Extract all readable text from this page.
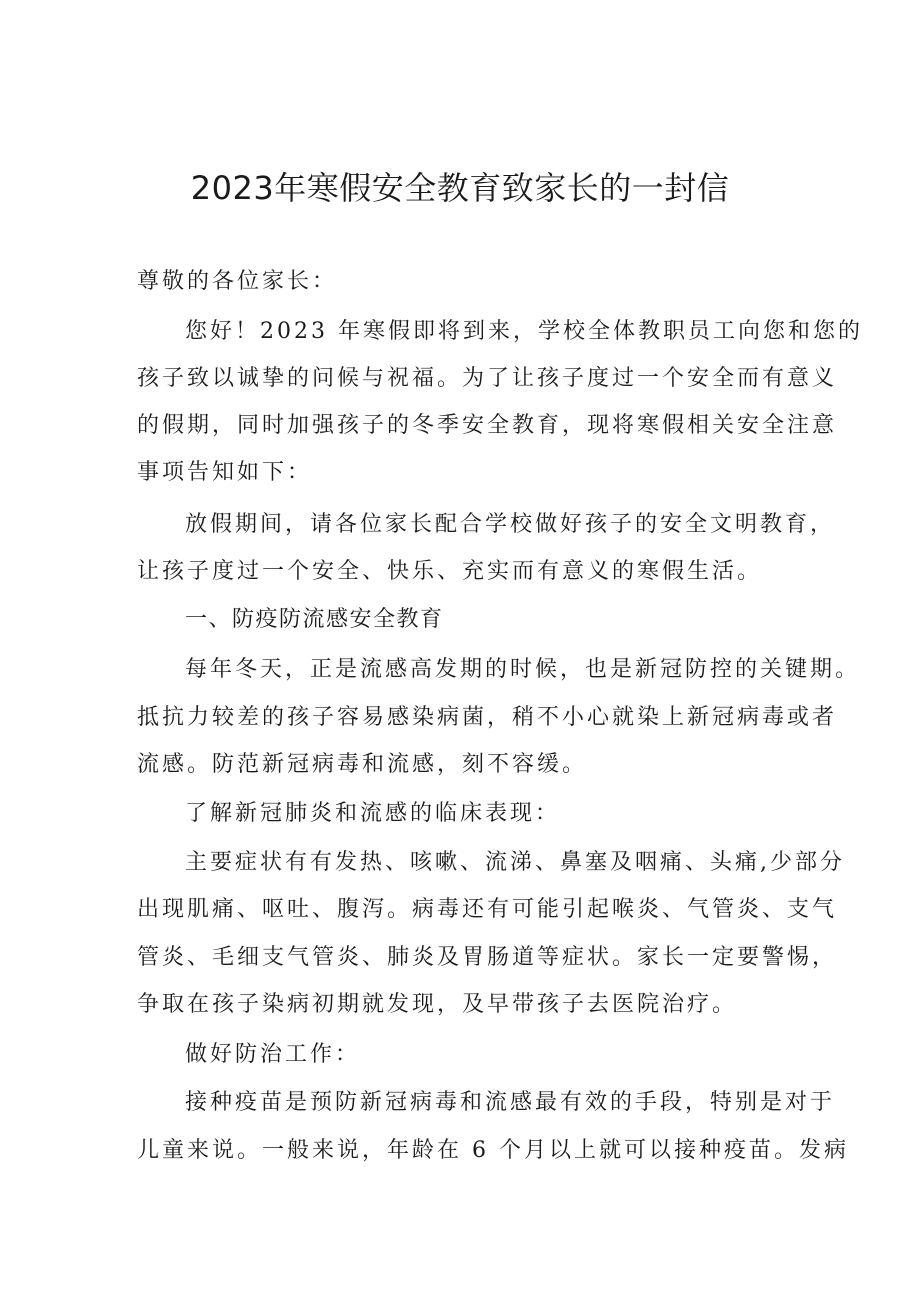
2023年寒假安全教育致家长的一封信
尊敬的各位家长：
您好！2023 年寒假即将到来，学校全体教职员工向您和您的
孩子致以诚挚的问候与祝福。为了让孩子度过一个安全而有意义
的假期，同时加强孩子的冬季安全教育，现将寒假相关安全注意
事项告知如下：
放假期间，请各位家长配合学校做好孩子的安全文明教育，
让孩子度过一个安全、快乐、充实而有意义的寒假生活。
一、防疫防流感安全教育
每年冬天，正是流感高发期的时候，也是新冠防控的关键期。
抵抗力较差的孩子容易感染病菌，稍不小心就染上新冠病毒或者
流感。防范新冠病毒和流感，刻不容缓。
了解新冠肺炎和流感的临床表现：
主要症状有有发热、咳嗽、流涕、鼻塞及咽痛、头痛,少部分
出现肌痛、呕吐、腹泻。病毒还有可能引起喉炎、气管炎、支气
管炎、毛细支气管炎、肺炎及胃肠道等症状。家长一定要警惕，
争取在孩子染病初期就发现，及早带孩子去医院治疗。
做好防治工作：
接种疫苗是预防新冠病毒和流感最有效的手段，特别是对于
儿童来说。一般来说，年龄在 6 个月以上就可以接种疫苗。发病
